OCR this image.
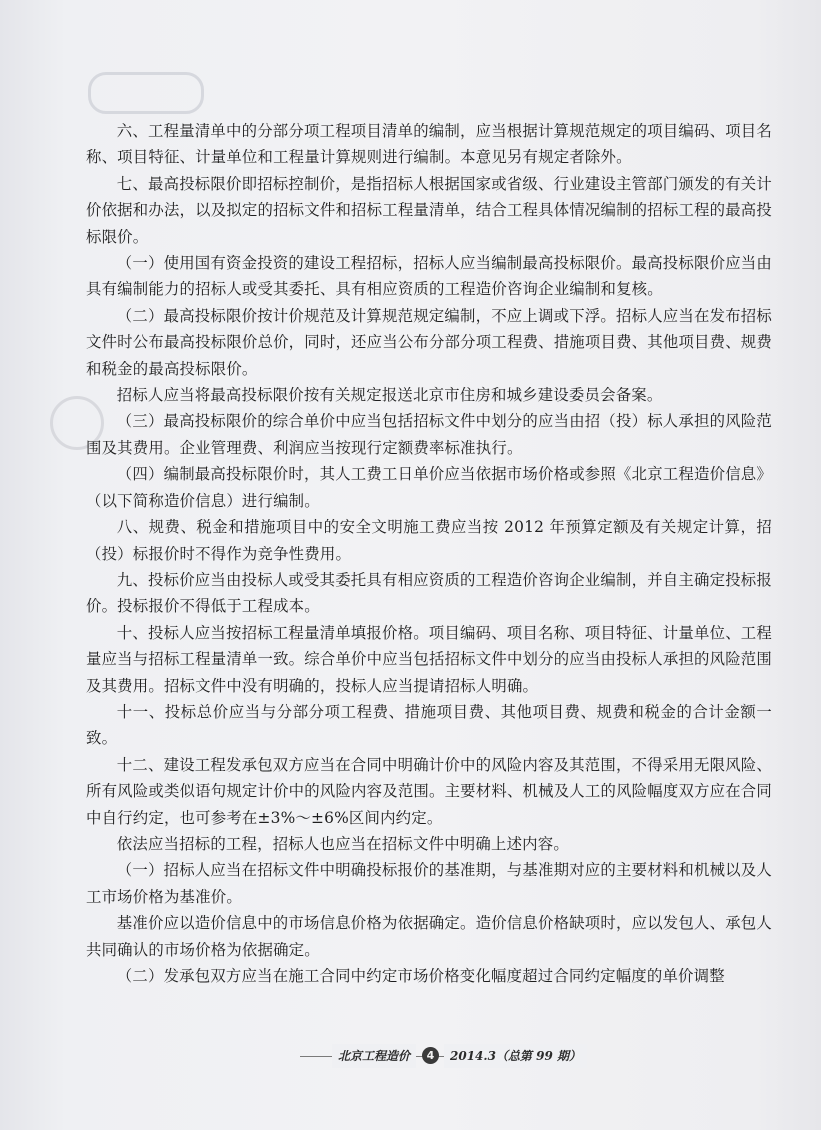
六、工程量清单中的分部分项工程项目清单的编制，应当根据计算规范规定的项目编码、项目名称、项目特征、计量单位和工程量计算规则进行编制。本意见另有规定者除外。

七、最高投标限价即招标控制价，是指招标人根据国家或省级、行业建设主管部门颁发的有关计价依据和办法，以及拟定的招标文件和招标工程量清单，结合工程具体情况编制的招标工程的最高投标限价。

（一）使用国有资金投资的建设工程招标，招标人应当编制最高投标限价。最高投标限价应当由具有编制能力的招标人或受其委托、具有相应资质的工程造价咨询企业编制和复核。

（二）最高投标限价按计价规范及计算规范规定编制，不应上调或下浮。招标人应当在发布招标文件时公布最高投标限价总价，同时，还应当公布分部分项工程费、措施项目费、其他项目费、规费和税金的最高投标限价。

招标人应当将最高投标限价按有关规定报送北京市住房和城乡建设委员会备案。

（三）最高投标限价的综合单价中应当包括招标文件中划分的应当由招（投）标人承担的风险范围及其费用。企业管理费、利润应当按现行定额费率标准执行。

（四）编制最高投标限价时，其人工费工日单价应当依据市场价格或参照《北京工程造价信息》（以下简称造价信息）进行编制。

八、规费、税金和措施项目中的安全文明施工费应当按 2012 年预算定额及有关规定计算，招（投）标报价时不得作为竞争性费用。

九、投标价应当由投标人或受其委托具有相应资质的工程造价咨询企业编制，并自主确定投标报价。投标报价不得低于工程成本。

十、投标人应当按招标工程量清单填报价格。项目编码、项目名称、项目特征、计量单位、工程量应当与招标工程量清单一致。综合单价中应当包括招标文件中划分的应当由投标人承担的风险范围及其费用。招标文件中没有明确的，投标人应当提请招标人明确。

十一、投标总价应当与分部分项工程费、措施项目费、其他项目费、规费和税金的合计金额一致。

十二、建设工程发承包双方应当在合同中明确计价中的风险内容及其范围，不得采用无限风险、所有风险或类似语句规定计价中的风险内容及范围。主要材料、机械及人工的风险幅度双方应在合同中自行约定，也可参考在±3%～±6%区间内约定。

依法应当招标的工程，招标人也应当在招标文件中明确上述内容。

（一）招标人应当在招标文件中明确投标报价的基准期，与基准期对应的主要材料和机械以及人工市场价格为基准价。

基准价应以造价信息中的市场信息价格为依据确定。造价信息价格缺项时，应以发包人、承包人共同确认的市场价格为依据确定。

（二）发承包双方应当在施工合同中约定市场价格变化幅度超过合同约定幅度的单价调整

北京工程造价	4	2014.3（总第 99 期）
